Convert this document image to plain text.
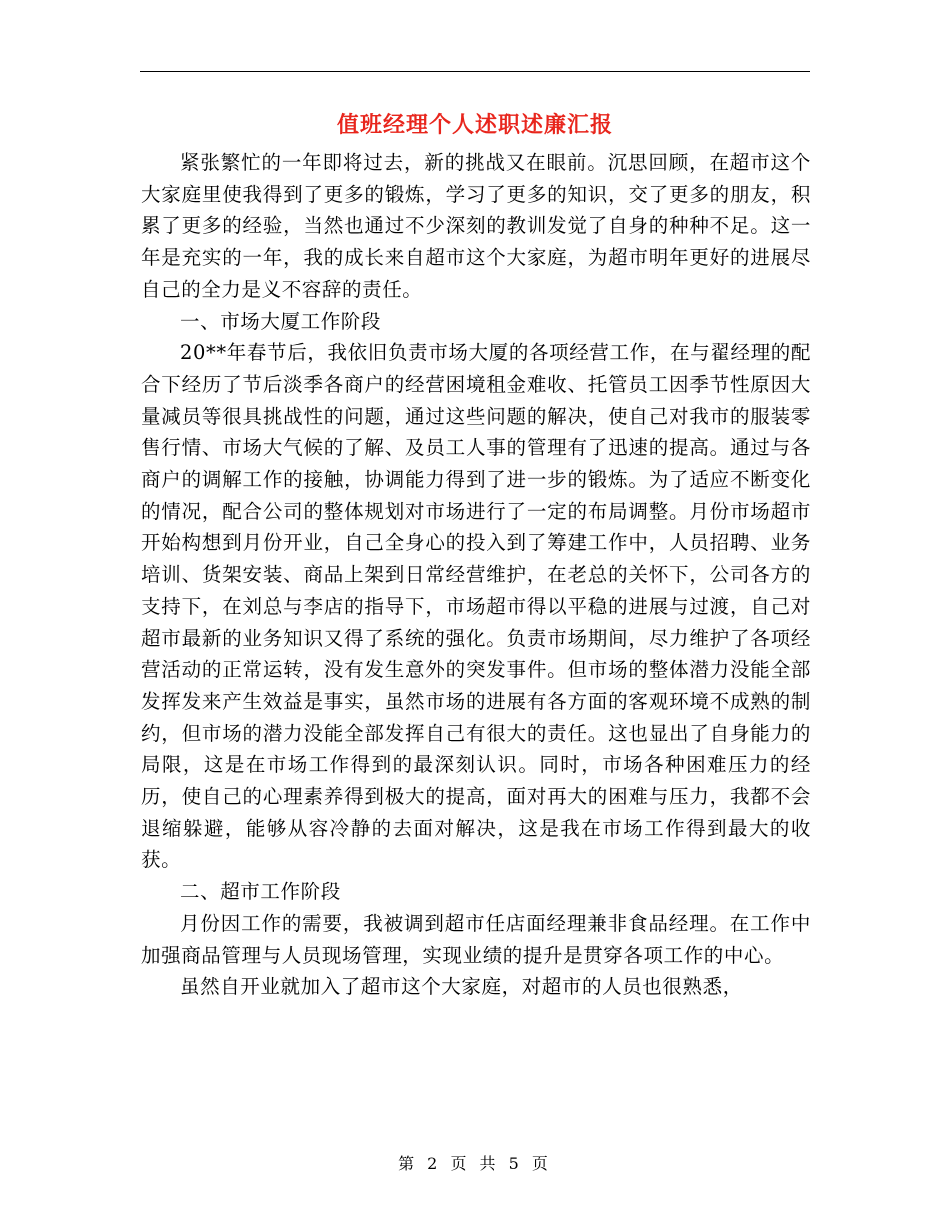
值班经理个人述职述廉汇报

紧张繁忙的一年即将过去，新的挑战又在眼前。沉思回顾，在超市这个大家庭里使我得到了更多的锻炼，学习了更多的知识，交了更多的朋友，积累了更多的经验，当然也通过不少深刻的教训发觉了自身的种种不足。这一年是充实的一年，我的成长来自超市这个大家庭，为超市明年更好的进展尽自己的全力是义不容辞的责任。

一、市场大厦工作阶段

20**年春节后，我依旧负责市场大厦的各项经营工作，在与翟经理的配合下经历了节后淡季各商户的经营困境租金难收、托管员工因季节性原因大量减员等很具挑战性的问题，通过这些问题的解决，使自己对我市的服装零售行情、市场大气候的了解、及员工人事的管理有了迅速的提高。通过与各商户的调解工作的接触，协调能力得到了进一步的锻炼。为了适应不断变化的情况，配合公司的整体规划对市场进行了一定的布局调整。月份市场超市开始构想到月份开业，自己全身心的投入到了筹建工作中，人员招聘、业务培训、货架安装、商品上架到日常经营维护，在老总的关怀下，公司各方的支持下，在刘总与李店的指导下，市场超市得以平稳的进展与过渡，自己对超市最新的业务知识又得了系统的强化。负责市场期间，尽力维护了各项经营活动的正常运转，没有发生意外的突发事件。但市场的整体潜力没能全部发挥发来产生效益是事实，虽然市场的进展有各方面的客观环境不成熟的制约，但市场的潜力没能全部发挥自己有很大的责任。这也显出了自身能力的局限，这是在市场工作得到的最深刻认识。同时，市场各种困难压力的经历，使自己的心理素养得到极大的提高，面对再大的困难与压力，我都不会退缩躲避，能够从容冷静的去面对解决，这是我在市场工作得到最大的收获。

二、超市工作阶段

月份因工作的需要，我被调到超市任店面经理兼非食品经理。在工作中加强商品管理与人员现场管理，实现业绩的提升是贯穿各项工作的中心。

虽然自开业就加入了超市这个大家庭，对超市的人员也很熟悉，

第 2 页 共 5 页
